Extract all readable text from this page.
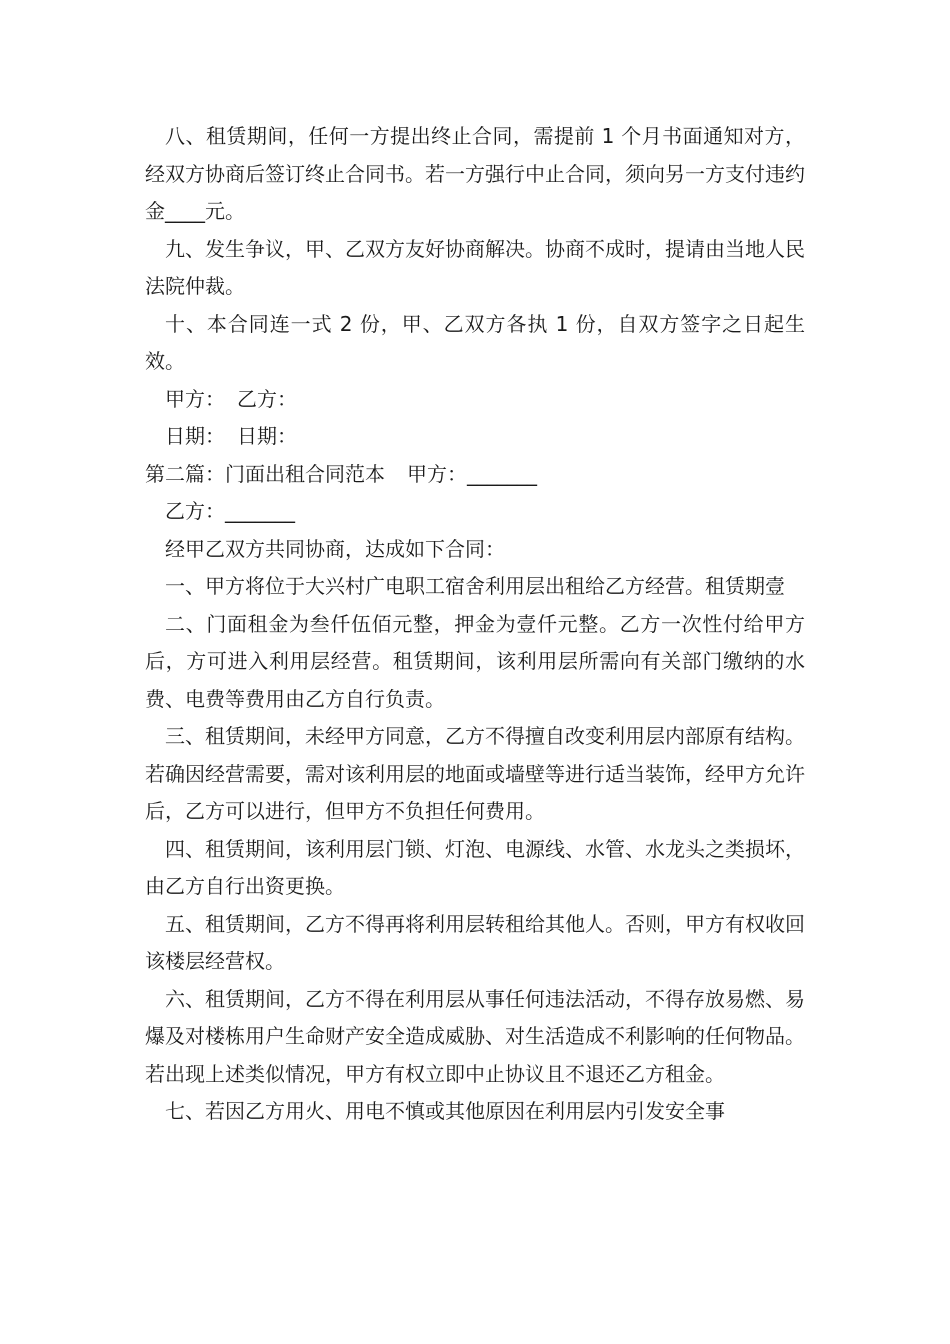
八、租赁期间，任何一方提出终止合同，需提前 1 个月书面通知对方，经双方协商后签订终止合同书。若一方强行中止合同，须向另一方支付违约金____元。

九、发生争议，甲、乙双方友好协商解决。协商不成时，提请由当地人民法院仲裁。

十、本合同连一式 2 份，甲、乙双方各执 1 份，自双方签字之日起生效。

甲方： 乙方：

日期： 日期：

第二篇：门面出租合同范本 甲方：_______

乙方：_______

经甲乙双方共同协商，达成如下合同：

一、甲方将位于大兴村广电职工宿舍利用层出租给乙方经营。租赁期壹

二、门面租金为叁仟伍佰元整，押金为壹仟元整。乙方一次性付给甲方后，方可进入利用层经营。租赁期间，该利用层所需向有关部门缴纳的水费、电费等费用由乙方自行负责。

三、租赁期间，未经甲方同意，乙方不得擅自改变利用层内部原有结构。若确因经营需要，需对该利用层的地面或墙壁等进行适当装饰，经甲方允许后，乙方可以进行，但甲方不负担任何费用。

四、租赁期间，该利用层门锁、灯泡、电源线、水管、水龙头之类损坏，由乙方自行出资更换。

五、租赁期间，乙方不得再将利用层转租给其他人。否则，甲方有权收回该楼层经营权。

六、租赁期间，乙方不得在利用层从事任何违法活动，不得存放易燃、易爆及对楼栋用户生命财产安全造成威胁、对生活造成不利影响的任何物品。若出现上述类似情况，甲方有权立即中止协议且不退还乙方租金。

七、若因乙方用火、用电不慎或其他原因在利用层内引发安全事
